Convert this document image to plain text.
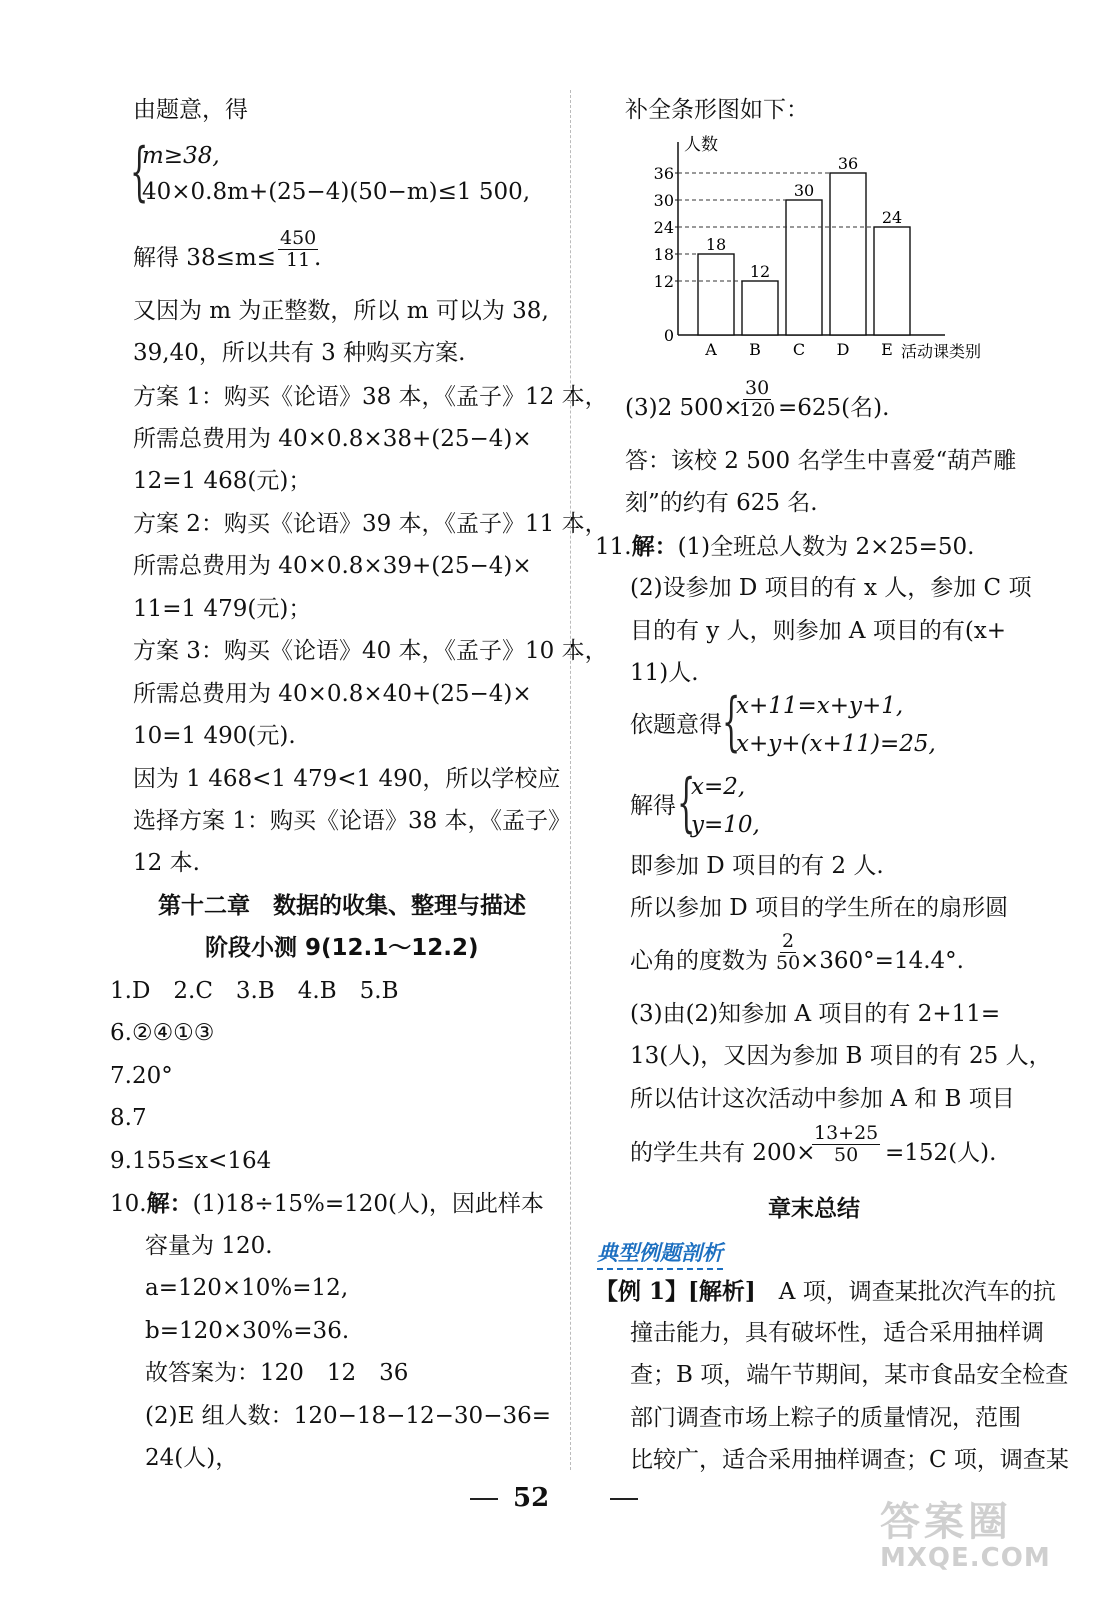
由题意，得
{
m≥38,
40×0.8m+(25−4)(50−m)≤1 500,
解得 $38\le m\le \frac{450}{11}$
.
又因为 m 为正整数，所以 m 可以为 38,
39,40，所以共有 3 种购买方案.
方案 1：购买《论语》38 本，《孟子》12 本，
所需总费用为 40×0.8×38+(25−4)×
12=1 468(元)；
方案 2：购买《论语》39 本，《孟子》11 本，
所需总费用为 40×0.8×39+(25−4)×
11=1 479(元)；
方案 3：购买《论语》40 本，《孟子》10 本，
所需总费用为 40×0.8×40+(25−4)×
10=1 490(元).
因为 1 468<1 479<1 490，所以学校应
选择方案 1：购买《论语》38 本，《孟子》
12 本.
第十二章　数据的收集、整理与描述
阶段小测 9(12.1～12.2)
1.D　2.C　3.B　4.B　5.B
6.②④①③
7.20°
8.7
9.155≤x<164
10.解：(1)18÷15%=120(人)，因此样本
容量为 120.
a=120×10%=12,
b=120×30%=36.
故答案为：120　12　36
(2)E 组人数：120−18−12−30−36=
24(人)，
补全条形图如下：
人数
活动课类别
18
A
12
B
30
C
36
D
24
E
0
12
18
24
30
36
(3)2 500×
$\frac{30}{120} =625$(名).
答：该校 2 500 名学生中喜爱“葫芦雕
刻”的约有 625 名.
11.解：(1)全班总人数为 2×25=50.
(2)设参加 D 项目的有 x 人，参加 C 项
目的有 y 人，则参加 A 项目的有(x+
11)人.
依题意得 {
x+11=x+y+1,
x+y+(x+11)=25,
解得 {
x=2,
y=10,
即参加 D 项目的有 2 人.
所以参加 D 项目的学生所在的扇形圆
心角的度数为 $\frac{2}{50}$
×360°=14.4°.
(3)由(2)知参加 A 项目的有 2+11=
13(人)，又因为参加 B 项目的有 25 人，
所以估计这次活动中参加 A 和 B 项目
的学生共有 200×
$\frac{13+25}{50} =152$(人).
章末总结
典型例题剖析
【例 1】[解析]　A 项，调查某批次汽车的抗
撞击能力，具有破坏性，适合采用抽样调
查；B 项，端午节期间，某市食品安全检查
部门调查市场上粽子的质量情况，范围
比较广，适合采用抽样调查；C 项，调查某
52
答案圈
MXQE.COM
